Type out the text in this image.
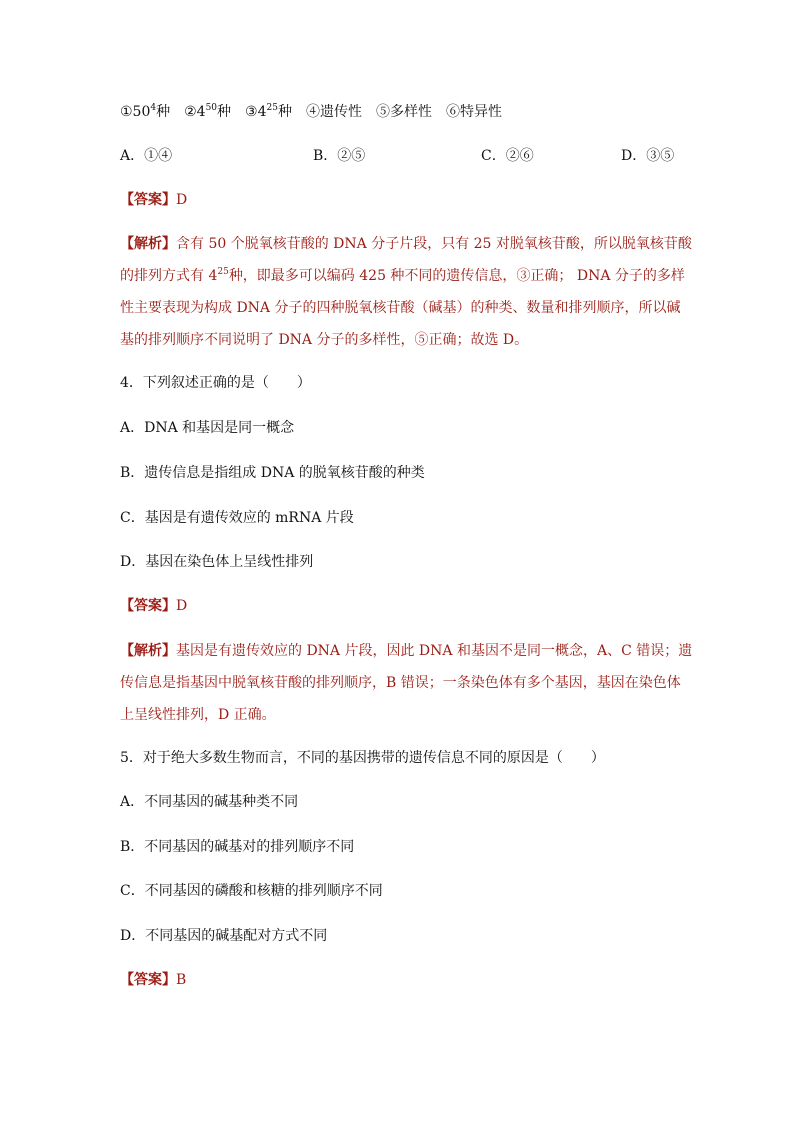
$①50^4$种 $②4^{50}$种 $③4^{25}$种 ④遗传性 ⑤多样性 ⑥特异性
A．①④	B．②⑤	C．②⑥	D．③⑤
【答案】D
【解析】含有 50 个脱氧核苷酸的 DNA 分子片段，只有 25 对脱氧核苷酸，所以脱氧核苷酸
的排列方式有 $4^{25}$种，即最多可以编码 425 种不同的遗传信息，③正确； DNA 分子的多样
性主要表现为构成 DNA 分子的四种脱氧核苷酸（碱基）的种类、数量和排列顺序，所以碱
基的排列顺序不同说明了 DNA 分子的多样性，⑤正确；故选 D。
4．下列叙述正确的是（　　）
A．DNA 和基因是同一概念
B．遗传信息是指组成 DNA 的脱氧核苷酸的种类
C．基因是有遗传效应的 mRNA 片段
D．基因在染色体上呈线性排列
【答案】D
【解析】基因是有遗传效应的 DNA 片段，因此 DNA 和基因不是同一概念，A、C 错误；遗
传信息是指基因中脱氧核苷酸的排列顺序，B 错误；一条染色体有多个基因，基因在染色体
上呈线性排列，D 正确。
5．对于绝大多数生物而言，不同的基因携带的遗传信息不同的原因是（　　）
A．不同基因的碱基种类不同
B．不同基因的碱基对的排列顺序不同
C．不同基因的磷酸和核糖的排列顺序不同
D．不同基因的碱基配对方式不同
【答案】B
